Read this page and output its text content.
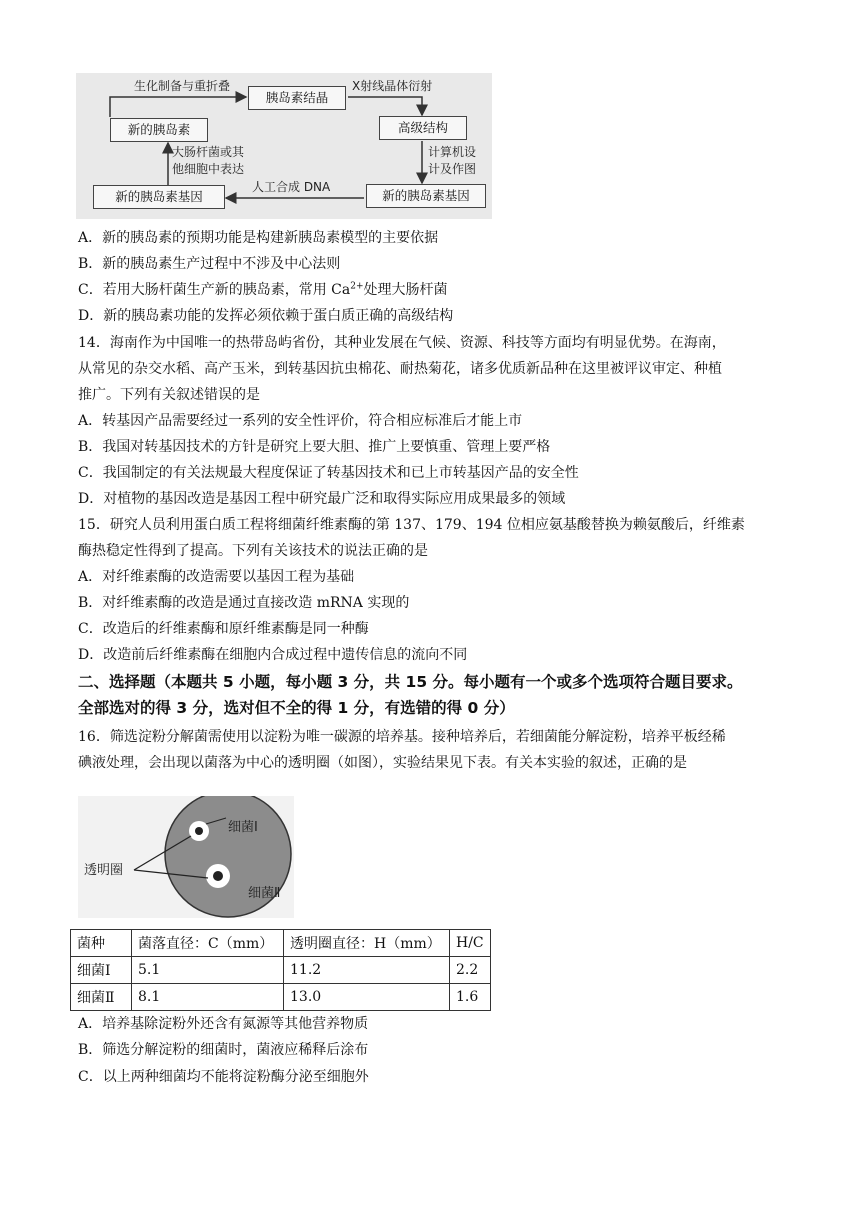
胰岛素结晶
新的胰岛素	高级结构
新的胰岛素基因	新的胰岛素基因
生化制备与重折叠	X射线晶体衍射
大肠杆菌或其
他细胞中表达
计算机设
计及作图
人工合成 DNA
A．新的胰岛素的预期功能是构建新胰岛素模型的主要依据
B．新的胰岛素生产过程中不涉及中心法则
C．若用大肠杆菌生产新的胰岛素，常用 $Ca^{2+}$处理大肠杆菌
D．新的胰岛素功能的发挥必须依赖于蛋白质正确的高级结构
14．海南作为中国唯一的热带岛屿省份，其种业发展在气候、资源、科技等方面均有明显优势。在海南，
从常见的杂交水稻、高产玉米，到转基因抗虫棉花、耐热菊花，诸多优质新品种在这里被评议审定、种植
推广。下列有关叙述错误的是
A．转基因产品需要经过一系列的安全性评价，符合相应标准后才能上市
B．我国对转基因技术的方针是研究上要大胆、推广上要慎重、管理上要严格
C．我国制定的有关法规最大程度保证了转基因技术和已上市转基因产品的安全性
D．对植物的基因改造是基因工程中研究最广泛和取得实际应用成果最多的领域
15．研究人员利用蛋白质工程将细菌纤维素酶的第 137、179、194 位相应氨基酸替换为赖氨酸后，纤维素
酶热稳定性得到了提高。下列有关该技术的说法正确的是
A．对纤维素酶的改造需要以基因工程为基础
B．对纤维素酶的改造是通过直接改造 mRNA 实现的
C．改造后的纤维素酶和原纤维素酶是同一种酶
D．改造前后纤维素酶在细胞内合成过程中遗传信息的流向不同
二、选择题（本题共 5 小题，每小题 3 分，共 15 分。每小题有一个或多个选项符合题目要求。
全部选对的得 3 分，选对但不全的得 1 分，有选错的得 0 分）
16．筛选淀粉分解菌需使用以淀粉为唯一碳源的培养基。接种培养后，若细菌能分解淀粉，培养平板经稀
碘液处理，会出现以菌落为中心的透明圈（如图），实验结果见下表。有关本实验的叙述，正确的是
细菌Ⅰ
细菌Ⅱ
透明圈
菌种	菌落直径：C（mm）	透明圈直径：H（mm）	H/C
细菌Ⅰ	5.1	11.2	2.2
细菌Ⅱ	8.1	13.0	1.6
A．培养基除淀粉外还含有氮源等其他营养物质
B．筛选分解淀粉的细菌时，菌液应稀释后涂布
C．以上两种细菌均不能将淀粉酶分泌至细胞外
